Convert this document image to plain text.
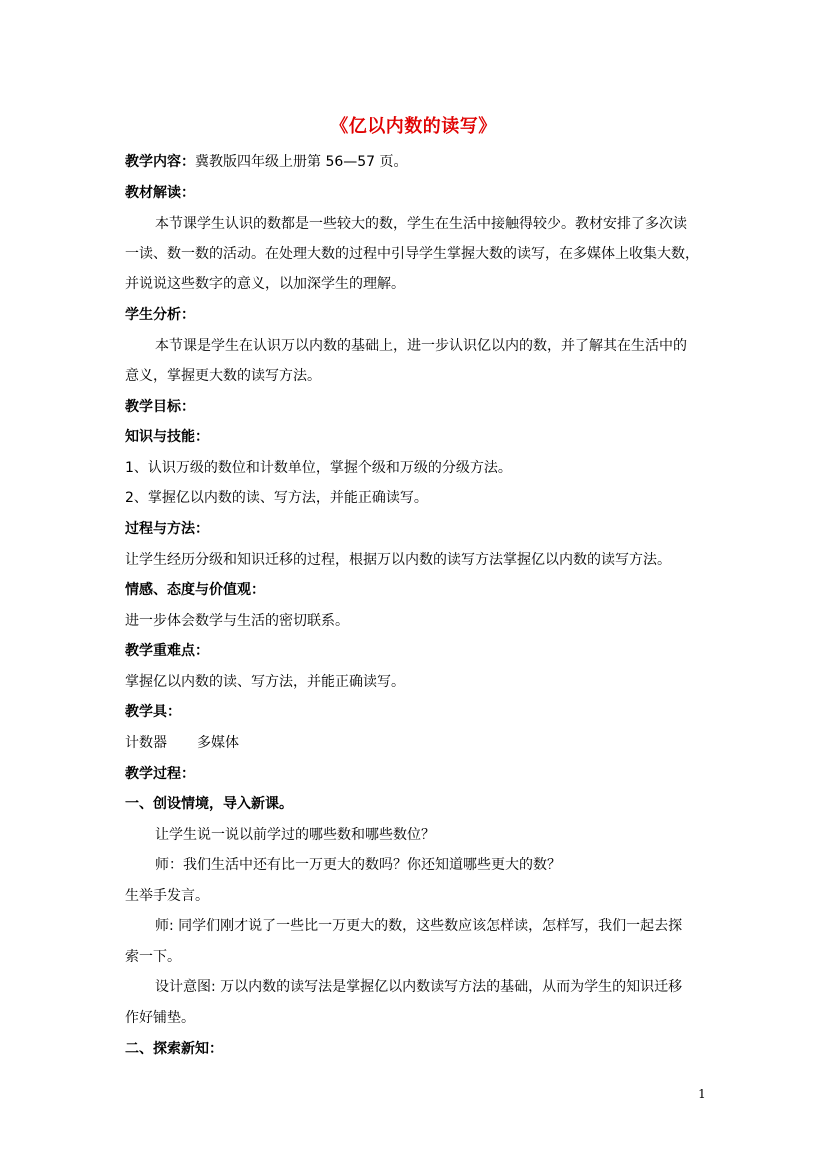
《亿以内数的读写》
教学内容：冀教版四年级上册第 56—57 页。
教材解读：
本节课学生认识的数都是一些较大的数，学生在生活中接触得较少。教材安排了多次读
一读、数一数的活动。在处理大数的过程中引导学生掌握大数的读写，在多媒体上收集大数，
并说说这些数字的意义，以加深学生的理解。
学生分析：
本节课是学生在认识万以内数的基础上，进一步认识亿以内的数，并了解其在生活中的
意义，掌握更大数的读写方法。
教学目标：
知识与技能：
1、认识万级的数位和计数单位，掌握个级和万级的分级方法。
2、掌握亿以内数的读、写方法，并能正确读写。
过程与方法：
让学生经历分级和知识迁移的过程，根据万以内数的读写方法掌握亿以内数的读写方法。
情感、态度与价值观：
进一步体会数学与生活的密切联系。
教学重难点：
掌握亿以内数的读、写方法，并能正确读写。
教学具：
计数器 多媒体
教学过程：
一、创设情境，导入新课。
让学生说一说以前学过的哪些数和哪些数位？
师：我们生活中还有比一万更大的数吗？你还知道哪些更大的数？
生举手发言。
师: 同学们刚才说了一些比一万更大的数，这些数应该怎样读，怎样写，我们一起去探
索一下。
设计意图: 万以内数的读写法是掌握亿以内数读写方法的基础，从而为学生的知识迁移
作好铺垫。
二、探索新知：
1
